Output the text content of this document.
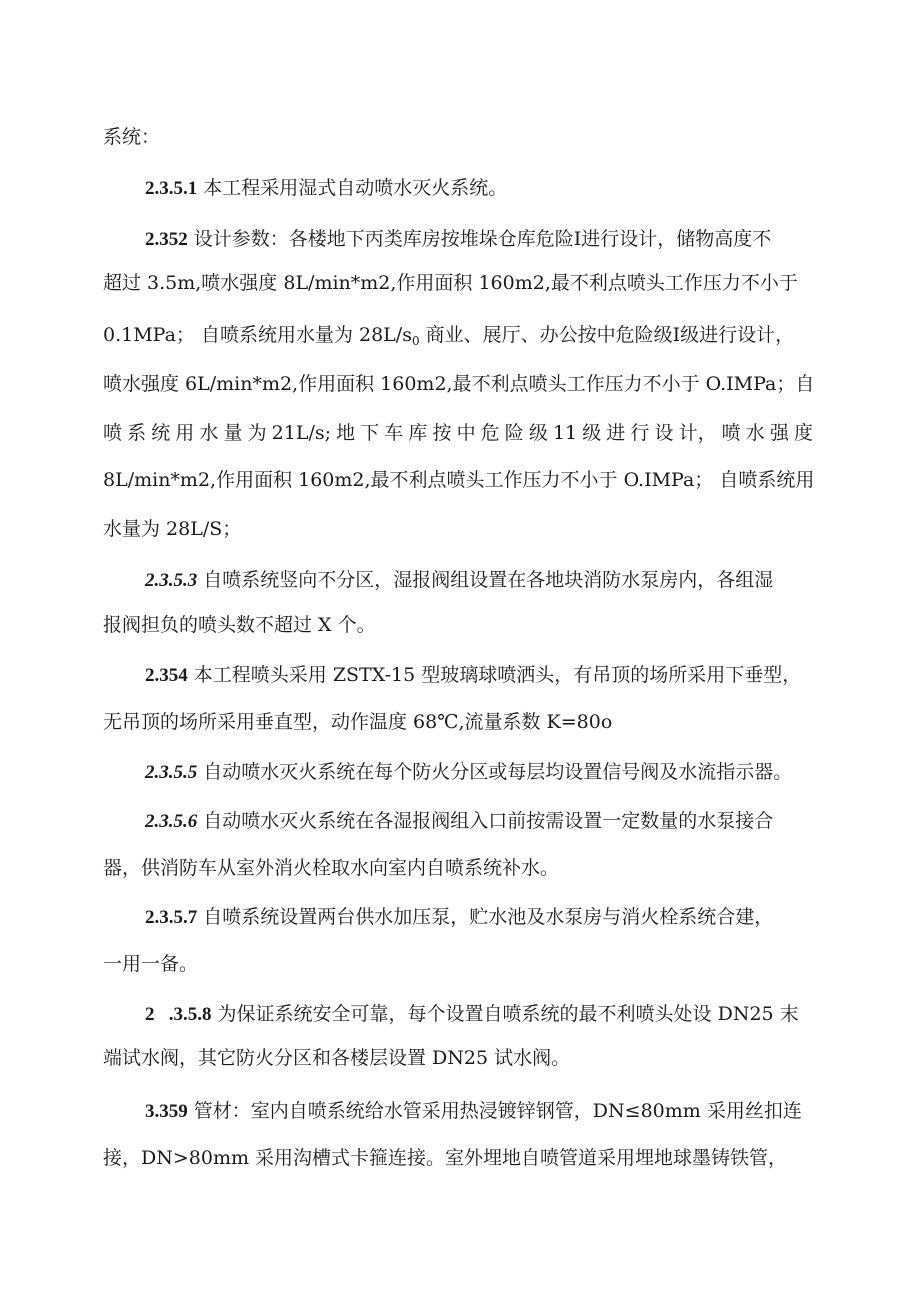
系统：
2.3.5.1 本工程采用湿式自动喷水灭火系统。
2.352 设计参数：各楼地下丙类库房按堆垛仓库危险Ⅰ进行设计，储物高度不
超过 3.5m,喷水强度 8L∕min*m2,作用面积 160m2,最不利点喷头工作压力不小于
0.1MPa； 自喷系统用水量为 $28L∕s_0$ 商业、展厅、办公按中危险级Ⅰ级进行设计，
喷水强度 6L∕min*m2,作用面积 160m2,最不利点喷头工作压力不小于 O.IMPa；自
喷 系 统 用 水 量 为 21L∕s; 地 下 车 库 按 中 危 险 级 11 级 进 行 设 计， 喷 水 强 度
8L∕min*m2,作用面积 160m2,最不利点喷头工作压力不小于 O.IMPa； 自喷系统用
水量为 28L/S；
2.3.5.3 自喷系统竖向不分区，湿报阀组设置在各地块消防水泵房内，各组湿
报阀担负的喷头数不超过 X 个。
2.354 本工程喷头采用 ZSTX-15 型玻璃球喷洒头，有吊顶的场所采用下垂型，
无吊顶的场所采用垂直型，动作温度 68℃,流量系数 K=80o
2.3.5.5 自动喷水灭火系统在每个防火分区或每层均设置信号阀及水流指示器。
2.3.5.6 自动喷水灭火系统在各湿报阀组入口前按需设置一定数量的水泵接合
器，供消防车从室外消火栓取水向室内自喷系统补水。
2.3.5.7 自喷系统设置两台供水加压泵，贮水池及水泵房与消火栓系统合建，
一用一备。
2   .3.5.8 为保证系统安全可靠，每个设置自喷系统的最不利喷头处设 DN25 末
端试水阀，其它防火分区和各楼层设置 DN25 试水阀。
3.359 管材：室内自喷系统给水管采用热浸镀锌钢管，DN≤80mm 采用丝扣连
接，DN>80mm 采用沟槽式卡箍连接。室外埋地自喷管道采用埋地球墨铸铁管，
